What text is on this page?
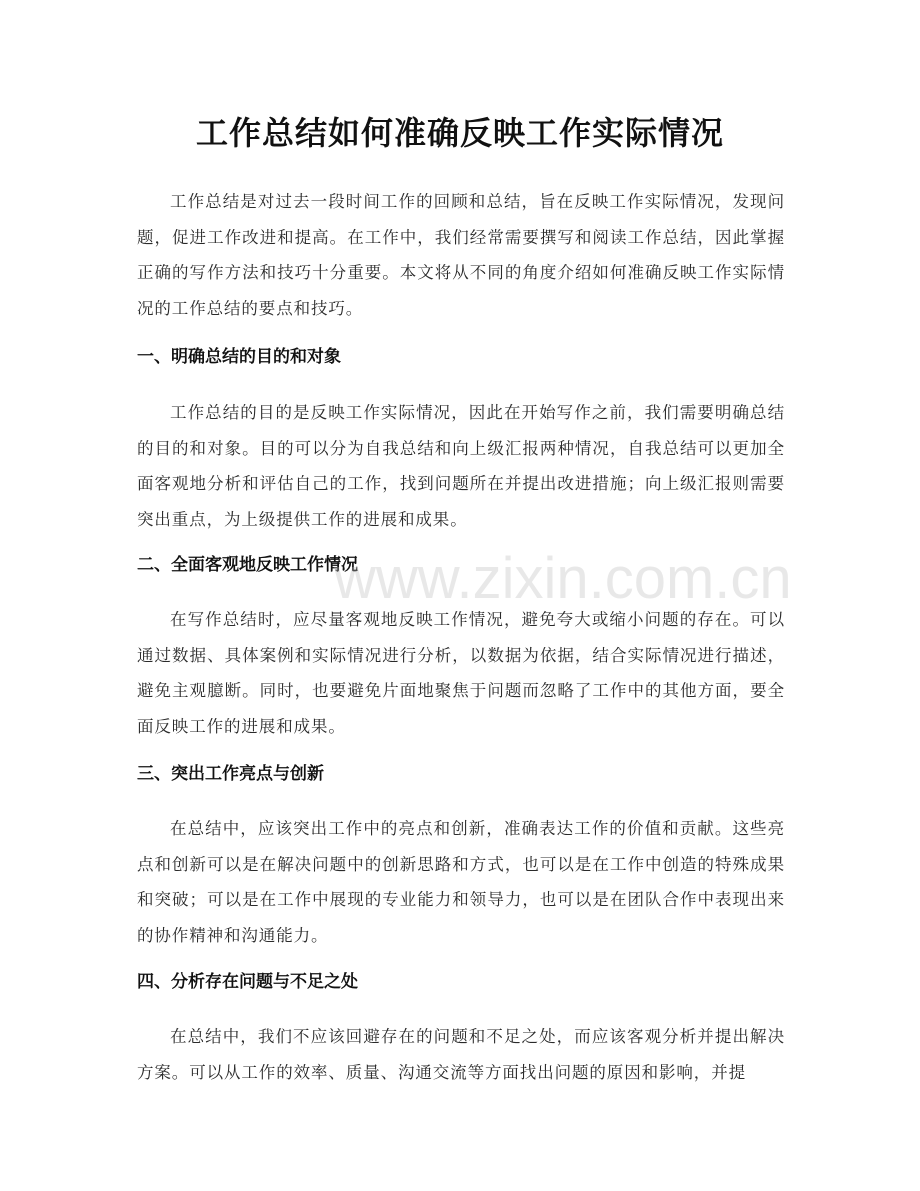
工作总结如何准确反映工作实际情况

工作总结是对过去一段时间工作的回顾和总结，旨在反映工作实际情况，发现问题，促进工作改进和提高。在工作中，我们经常需要撰写和阅读工作总结，因此掌握正确的写作方法和技巧十分重要。本文将从不同的角度介绍如何准确反映工作实际情况的工作总结的要点和技巧。

一、明确总结的目的和对象

工作总结的目的是反映工作实际情况，因此在开始写作之前，我们需要明确总结的目的和对象。目的可以分为自我总结和向上级汇报两种情况，自我总结可以更加全面客观地分析和评估自己的工作，找到问题所在并提出改进措施；向上级汇报则需要突出重点，为上级提供工作的进展和成果。

二、全面客观地反映工作情况

在写作总结时，应尽量客观地反映工作情况，避免夸大或缩小问题的存在。可以通过数据、具体案例和实际情况进行分析，以数据为依据，结合实际情况进行描述，避免主观臆断。同时，也要避免片面地聚焦于问题而忽略了工作中的其他方面，要全面反映工作的进展和成果。

三、突出工作亮点与创新

在总结中，应该突出工作中的亮点和创新，准确表达工作的价值和贡献。这些亮点和创新可以是在解决问题中的创新思路和方式，也可以是在工作中创造的特殊成果和突破；可以是在工作中展现的专业能力和领导力，也可以是在团队合作中表现出来的协作精神和沟通能力。

四、分析存在问题与不足之处

在总结中，我们不应该回避存在的问题和不足之处，而应该客观分析并提出解决方案。可以从工作的效率、质量、沟通交流等方面找出问题的原因和影响，并提

www.zixin.com.cn
